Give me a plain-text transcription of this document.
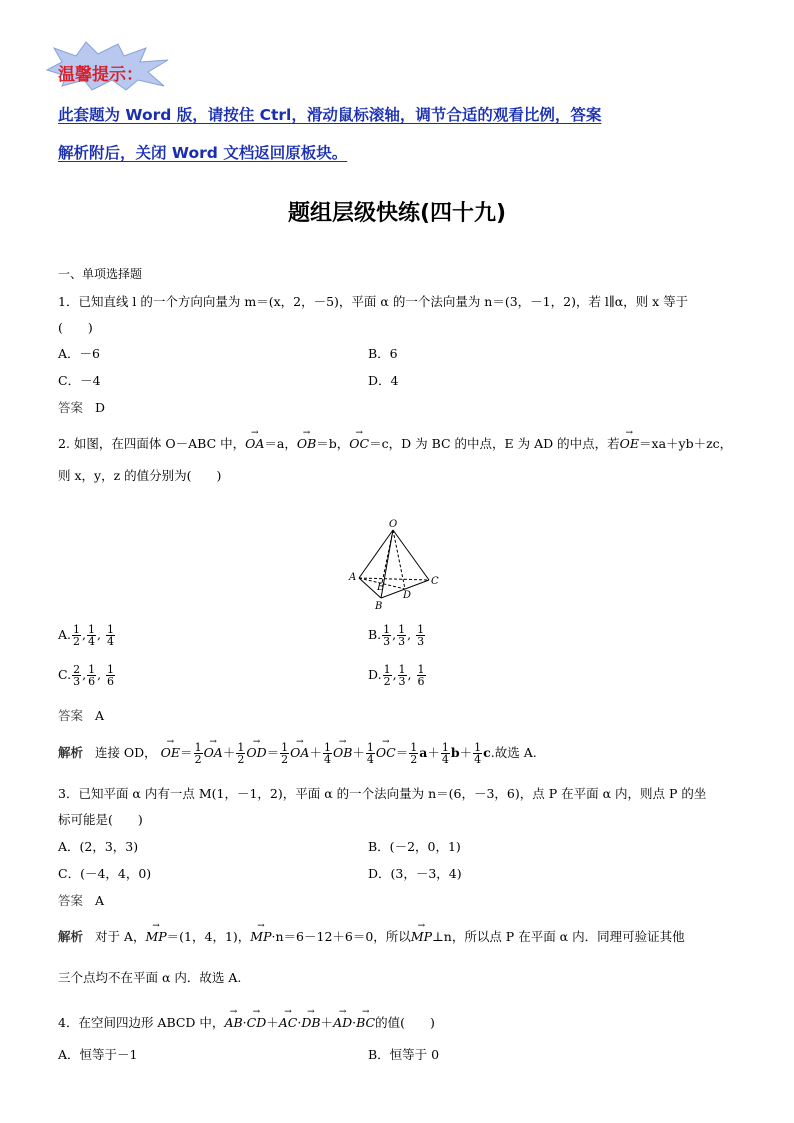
温馨提示：
此套题为 Word 版，请按住 Ctrl，滑动鼠标滚轴，调节合适的观看比例，答案
解析附后，关闭 Word 文档返回原板块。
题组层级快练(四十九)
一、单项选择题
1．已知直线 l 的一个方向向量为 m＝(x，2，－5)，平面 α 的一个法向量为 n＝(3，－1，2)，若 l∥α，则 x 等于
(　　)
A．－6	B．6
C．－4	D．4
答案 D
2. 如图，在四面体 O－ABC 中，→ OA＝a，→ OB＝b，→ OC＝c，D 为 BC 的中点，E 为 AD 的中点，若→ OE＝xa＋yb＋zc，
则 x，y，z 的值分别为(　　)
O
A	C
B
D
E
A. $\frac{1}{2}$ , $\frac{1}{4}$ , $\frac{1}{4}$	B. $\frac{1}{3}$ , $\frac{1}{3}$ , $\frac{1}{3}$
C. $\frac{2}{3}$ , $\frac{1}{6}$ , $\frac{1}{6}$	D. $\frac{1}{2}$ , $\frac{1}{3}$ , $\frac{1}{6}$
答案 A
解析 连接 OD， → $OE= \frac{1}{2}$
→ $OA+ \frac{1}{2}$
→ $OD= \frac{1}{2}$
→ $OA+ \frac{1}{4}$
→ $OB+ \frac{1}{4}$
→ $OC= \frac{1}{2} a+ \frac{1}{4} b+ \frac{1}{4} c$.故选 A.
3．已知平面 α 内有一点 M(1，－1，2)，平面 α 的一个法向量为 n＝(6，－3，6)，点 P 在平面 α 内，则点 P 的坐
标可能是(　　)
A．(2，3，3)	B．(－2，0，1)
C．(－4，4，0)	D．(3，－3，4)
答案 A
解析 对于 A，→ MP＝(1，4，1)，→ MP·n＝6－12＋6＝0，所以→ MP⊥n，所以点 P 在平面 α 内．同理可验证其他
三个点均不在平面 α 内．故选 A.
4．在空间四边形 ABCD 中，→ AB·→ CD＋→ AC·→ DB＋→ AD·→ BC的值(　　)
A．恒等于－1	B．恒等于 0
